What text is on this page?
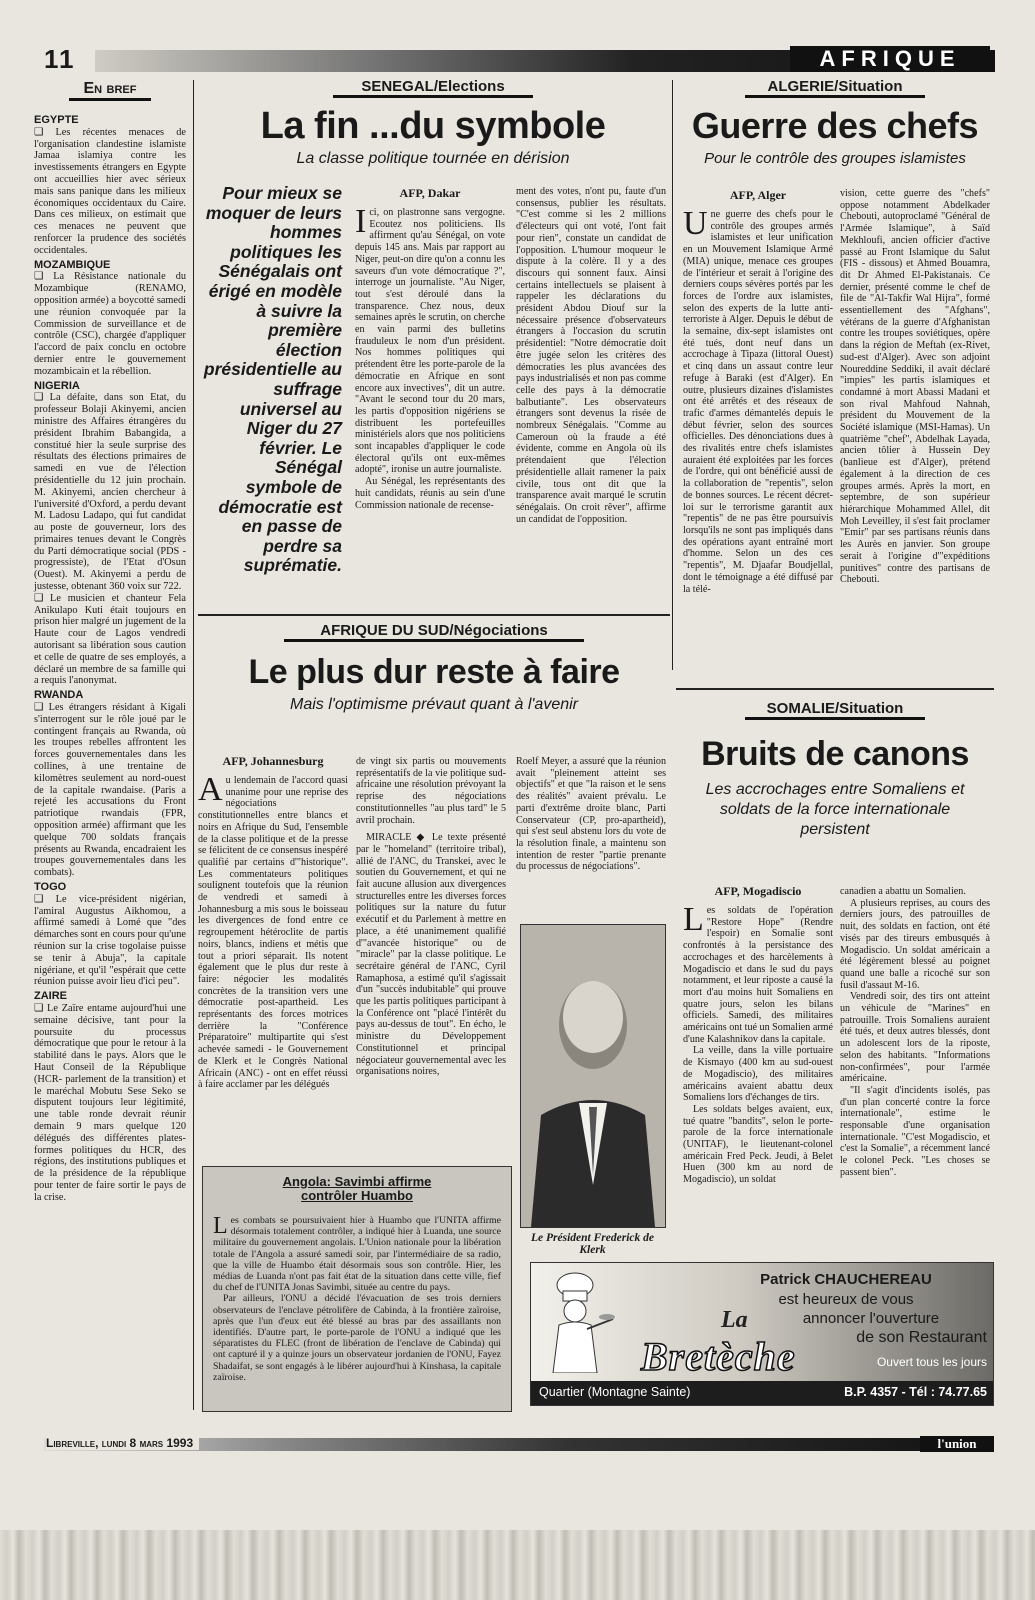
11	AFRIQUE
En bref
EGYPTE

❑ Les récentes menaces de l'organisation clandestine islamiste Jamaa islamiya contre les investissements étrangers en Egypte ont accueillies hier avec sérieux mais sans panique dans les milieux économiques occidentaux du Caire. Dans ces milieux, on estimait que ces menaces ne peuvent que renforcer la prudence des sociétés occidentales.

MOZAMBIQUE

❑ La Résistance nationale du Mozambique (RENAMO, opposition armée) a boycotté samedi une réunion convoquée par la Commission de surveillance et de contrôle (CSC), chargée d'appliquer l'accord de paix conclu en octobre dernier entre le gouvernement mozambicain et la rébellion.

NIGERIA

❑ La défaite, dans son Etat, du professeur Bolaji Akinyemi, ancien ministre des Affaires étrangères du président Ibrahim Babangida, a constitué hier la seule surprise des résultats des élections primaires de samedi en vue de l'élection présidentielle du 12 juin prochain. M. Akinyemi, ancien chercheur à l'université d'Oxford, a perdu devant M. Ladosu Ladapo, qui fut candidat au poste de gouverneur, lors des primaires tenues devant le Congrès du Parti démocratique social (PDS - progressiste), de l'Etat d'Osun (Ouest). M. Akinyemi a perdu de justesse, obtenant 360 voix sur 722.

❑ Le musicien et chanteur Fela Anikulapo Kuti était toujours en prison hier malgré un jugement de la Haute cour de Lagos vendredi autorisant sa libération sous caution et celle de quatre de ses employés, a déclaré un membre de sa famille qui a requis l'anonymat.

RWANDA

❑ Les étrangers résidant à Kigali s'interrogent sur le rôle joué par le contingent français au Rwanda, où les troupes rebelles affrontent les forces gouvernementales dans les collines, à une trentaine de kilomètres seulement au nord-ouest de la capitale rwandaise. (Paris a rejeté les accusations du Front patriotique rwandais (FPR, opposition armée) affirmant que les quelque 700 soldats français présents au Rwanda, encadraient les troupes gouvernementales dans les combats).

TOGO

❑ Le vice-président nigérian, l'amiral Augustus Aikhomou, a affirmé samedi à Lomé que "des démarches sont en cours pour qu'une réunion sur la crise togolaise puisse se tenir à Abuja", la capitale nigériane, et qu'il "espérait que cette réunion puisse avoir lieu d'ici peu".

ZAIRE

❑ Le Zaïre entame aujourd'hui une semaine décisive, tant pour la poursuite du processus démocratique que pour le retour à la stabilité dans le pays. Alors que le Haut Conseil de la République (HCR- parlement de la transition) et le maréchal Mobutu Sese Seko se disputent toujours leur légitimité, une table ronde devrait réunir demain 9 mars quelque 120 délégués des différentes plates-formes politiques du HCR, des régions, des institutions publiques et de la présidence de la république pour tenter de faire sortir le pays de la crise.

SENEGAL/Elections
La fin ...du symbole
La classe politique tournée en dérision
Pour mieux se moquer de leurs hommes politiques les Sénégalais ont érigé en modèle à suivre la première élection présidentielle au suffrage universel au Niger du 27 février. Le Sénégal symbole de démocratie est en passe de perdre sa suprématie.
AFP, Dakar
Ici, on plastronne sans vergogne. Ecoutez nos politiciens. Ils affirment qu'au Sénégal, on vote depuis 145 ans. Mais par rapport au Niger, peut-on dire qu'on a connu les saveurs d'un vote démocratique ?", interroge un journaliste. "Au Niger, tout s'est déroulé dans la transparence. Chez nous, deux semaines après le scrutin, on cherche en vain parmi des bulletins frauduleux le nom d'un président. Nos hommes politiques qui prétendent être les porte-parole de la démocratie en Afrique en sont encore aux invectives", dit un autre. "Avant le second tour du 20 mars, les partis d'opposition nigériens se distribuent les portefeuilles ministériels alors que nos politiciens sont incapables d'appliquer le code électoral qu'ils ont eux-mêmes adopté", ironise un autre journaliste.

Au Sénégal, les représentants des huit candidats, réunis au sein d'une Commission nationale de recense-

ment des votes, n'ont pu, faute d'un consensus, publier les résultats. "C'est comme si les 2 millions d'électeurs qui ont voté, l'ont fait pour rien", constate un candidat de l'opposition. L'humour moqueur le dispute à la colère. Il y a des discours qui sonnent faux. Ainsi certains intellectuels se plaisent à rappeler les déclarations du président Abdou Diouf sur la nécessaire présence d'observateurs étrangers à l'occasion du scrutin présidentiel: "Notre démocratie doit être jugée selon les critères des démocraties les plus avancées des pays industrialisés et non pas comme celle des pays à la démocratie balbutiante". Les observateurs étrangers sont devenus la risée de nombreux Sénégalais. "Comme au Cameroun où la fraude a été évidente, comme en Angola où ils prétendaient que l'élection présidentielle allait ramener la paix civile, tous ont dit que la transparence avait marqué le scrutin sénégalais. On croit rêver", affirme un candidat de l'opposition.
ALGERIE/Situation
Guerre des chefs
Pour le contrôle des groupes islamistes
AFP, Alger
Une guerre des chefs pour le contrôle des groupes armés islamistes et leur unification en un Mouvement Islamique Armé (MIA) unique, menace ces groupes de l'intérieur et serait à l'origine des derniers coups sévères portés par les forces de l'ordre aux islamistes, selon des experts de la lutte anti-terroriste à Alger. Depuis le début de la semaine, dix-sept islamistes ont été tués, dont neuf dans un accrochage à Tipaza (littoral Ouest) et cinq dans un assaut contre leur refuge à Baraki (est d'Alger). En outre, plusieurs dizaines d'islamistes ont été arrêtés et des réseaux de trafic d'armes démantelés depuis le début février, selon des sources officielles. Des dénonciations dues à des rivalités entre chefs islamistes auraient été exploitées par les forces de l'ordre, qui ont bénéficié aussi de la collaboration de "repentis", selon de bonnes sources. Le récent décret-loi sur le terrorisme garantit aux "repentis" de ne pas être poursuivis lorsqu'ils ne sont pas impliqués dans des opérations ayant entraîné mort d'homme. Selon un des ces "repentis", M. Djaafar Boudjellal, dont le témoignage a été diffusé par la télé-
vision, cette guerre des "chefs" oppose notamment Abdelkader Chebouti, autoproclamé "Général de l'Armée Islamique", à Saïd Mekhloufi, ancien officier d'active passé au Front Islamique du Salut (FIS - dissous) et Ahmed Bouamra, dit Dr Ahmed El-Pakistanais. Ce dernier, présenté comme le chef de file de "Al-Takfir Wal Hijra", formé essentiellement des "Afghans", vétérans de la guerre d'Afghanistan contre les troupes soviétiques, opère dans la région de Meftah (ex-Rivet, sud-est d'Alger). Avec son adjoint Noureddine Seddiki, il avait déclaré "impies" les partis islamiques et condamné à mort Abassi Madani et son rival Mahfoud Nahnah, président du Mouvement de la Société islamique (MSI-Hamas). Un quatrième "chef", Abdelhak Layada, ancien tôlier à Hussein Dey (banlieue est d'Alger), prétend également à la direction de ces groupes armés. Après la mort, en septembre, de son supérieur hiérarchique Mohammed Allel, dit Moh Leveilley, il s'est fait proclamer "Emir" par ses partisans réunis dans les Aurès en janvier. Son groupe serait à l'origine d'"expéditions punitives" contre des partisans de Chebouti.
AFRIQUE DU SUD/Négociations
Le plus dur reste à faire
Mais l'optimisme prévaut quant à l'avenir
AFP, Johannesburg
Au lendemain de l'accord quasi unanime pour une reprise des négociations constitutionnelles entre blancs et noirs en Afrique du Sud, l'ensemble de la classe politique et de la presse se félicitent de ce consensus inespéré qualifié par certains d'"historique". Les commentateurs politiques soulignent toutefois que la réunion de vendredi et samedi à Johannesburg a mis sous le boisseau les divergences de fond entre ce regroupement hétéroclite de partis noirs, blancs, indiens et métis que tout a priori séparait. Ils notent également que le plus dur reste à faire: négocier les modalités concrètes de la transition vers une démocratie post-apartheid. Les représentants des forces motrices derrière la "Conférence Préparatoire" multipartite qui s'est achevée samedi - le Gouvernement de Klerk et le Congrès National Africain (ANC) - ont en effet réussi à faire acclamer par les délégués

de vingt six partis ou mouvements représentatifs de la vie politique sud-africaine une résolution prévoyant la reprise des négociations constitutionnelles "au plus tard" le 5 avril prochain.

MIRACLE ◆ Le texte présenté par le "homeland" (territoire tribal), allié de l'ANC, du Transkei, avec le soutien du Gouvernement, et qui ne fait aucune allusion aux divergences structurelles entre les diverses forces politiques sur la nature du futur exécutif et du Parlement à mettre en place, a été unanimement qualifié d'"avancée historique" ou de "miracle" par la classe politique. Le secrétaire général de l'ANC, Cyril Ramaphosa, a estimé qu'il s'agissait d'un "succès indubitable" qui prouve que les partis politiques participant à la Conférence ont "placé l'intérêt du pays au-dessus de tout". En écho, le ministre du Développement Constitutionnel et principal négociateur gouvernemental avec les organisations noires,

Roelf Meyer, a assuré que la réunion avait "pleinement atteint ses objectifs" et que "la raison et le sens des réalités" avaient prévalu. Le parti d'extrême droite blanc, Parti Conservateur (CP, pro-apartheid), qui s'est seul abstenu lors du vote de la résolution finale, a maintenu son intention de rester "partie prenante du processus de négociations".
Le Président Frederick de Klerk
Angola: Savimbi affirme contrôler Huambo
Les combats se poursuivaient hier à Huambo que l'UNITA affirme désormais totalement contrôler, a indiqué hier à Luanda, une source militaire du gouvernement angolais. L'Union nationale pour la libération totale de l'Angola a assuré samedi soir, par l'intermédiaire de sa radio, que la ville de Huambo était désormais sous son contrôle. Hier, les médias de Luanda n'ont pas fait état de la situation dans cette ville, fief du chef de l'UNITA Jonas Savimbi, située au centre du pays.

Par ailleurs, l'ONU a décidé l'évacuation de ses trois derniers observateurs de l'enclave pétrolifère de Cabinda, à la frontière zaïroise, après que l'un d'eux eut été blessé au bras par des assaillants non identifiés. D'autre part, le porte-parole de l'ONU a indiqué que les séparatistes du FLEC (front de libération de l'enclave de Cabinda) qui ont capturé il y a quinze jours un observateur jordanien de l'ONU, Fayez Shadaifat, se sont engagés à le libérer aujourd'hui à Kinshasa, la capitale zaïroise.

SOMALIE/Situation
Bruits de canons
Les accrochages entre Somaliens et soldats de la force internationale persistent
AFP, Mogadiscio
Les soldats de l'opération "Restore Hope" (Rendre l'espoir) en Somalie sont confrontés à la persistance des accrochages et des harcèlements à Mogadiscio et dans le sud du pays notamment, et leur riposte a causé la mort d'au moins huit Somaliens en quatre jours, selon les bilans officiels. Samedi, des militaires américains ont tué un Somalien armé d'une Kalashnikov dans la capitale.

La veille, dans la ville portuaire de Kismayo (400 km au sud-ouest de Mogadiscio), des militaires américains avaient abattu deux Somaliens lors d'échanges de tirs.

Les soldats belges avaient, eux, tué quatre "bandits", selon le porte-parole de la force internationale (UNITAF), le lieutenant-colonel américain Fred Peck. Jeudi, à Belet Huen (300 km au nord de Mogadiscio), un soldat

canadien a abattu un Somalien.

A plusieurs reprises, au cours des derniers jours, des patrouilles de nuit, des soldats en faction, ont été visés par des tireurs embusqués à Mogadiscio. Un soldat américain a été légèrement blessé au poignet quand une balle a ricoché sur son fusil d'assaut M-16.

Vendredi soir, des tirs ont atteint un véhicule de "Marines" en patrouille. Trois Somaliens auraient été tués, et deux autres blessés, dont un adolescent lors de la riposte, selon des habitants. "Informations non-confirmées", pour l'armée américaine.

"Il s'agit d'incidents isolés, pas d'un plan concerté contre la force internationale", estime le responsable d'une organisation internationale. "C'est Mogadiscio, et c'est la Somalie", a récemment lancé le colonel Peck. "Les choses se passent bien".

Patrick CHAUCHEREAU
est heureux de vous
annoncer l'ouverture
de son Restaurant
La
Bretèche	Ouvert tous les jours
Quartier (Montagne Sainte)	B.P. 4357 - Tél : 74.77.65
Libreville, lundi 8 mars 1993	l'union
